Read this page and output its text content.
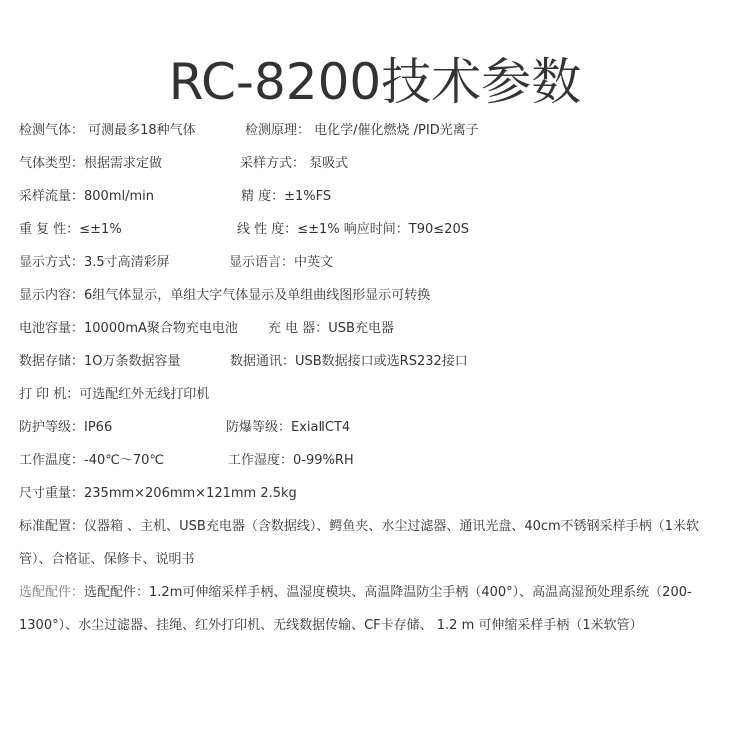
RC-8200技术参数
检测气体： 可测最多18种气体	检测原理： 电化学/催化燃烧 /PID光离子
气体类型：根据需求定做	采样方式： 泵吸式
采样流量：800ml/min	精 度：±1%FS
重 复 性：≤±1%	线 性 度：≤±1% 响应时间：T90≤20S
显示方式：3.5寸高清彩屏	显示语言：中英文
显示内容：6组气体显示，单组大字气体显示及单组曲线图形显示可转换
电池容量：10000mA聚合物充电电池 充 电 器：USB充电器
数据存储：1O万条数据容量	数据通讯：USB数据接口或选RS232接口
打 印 机：可选配红外无线打印机
防护等级：IP66	防爆等级：ExiaⅡCT4
工作温度：-40℃～70℃	工作湿度：0-99%RH
尺寸重量：235mm×206mm×121mm 2.5kg
标准配置：仪器箱 、主机、USB充电器（含数据线）、鳄鱼夹、水尘过滤器、通讯光盘、40cm不锈钢采样手柄（1米软管）、合格证、保修卡、说明书
选配配件：选配配件：1.2m可伸缩采样手柄、温湿度模块、高温降温防尘手柄（400°）、高温高湿预处理系统（200-1300°）、水尘过滤器、挂绳、红外打印机、无线数据传输、CF卡存储、 1.2 m 可伸缩采样手柄（1米软管）
